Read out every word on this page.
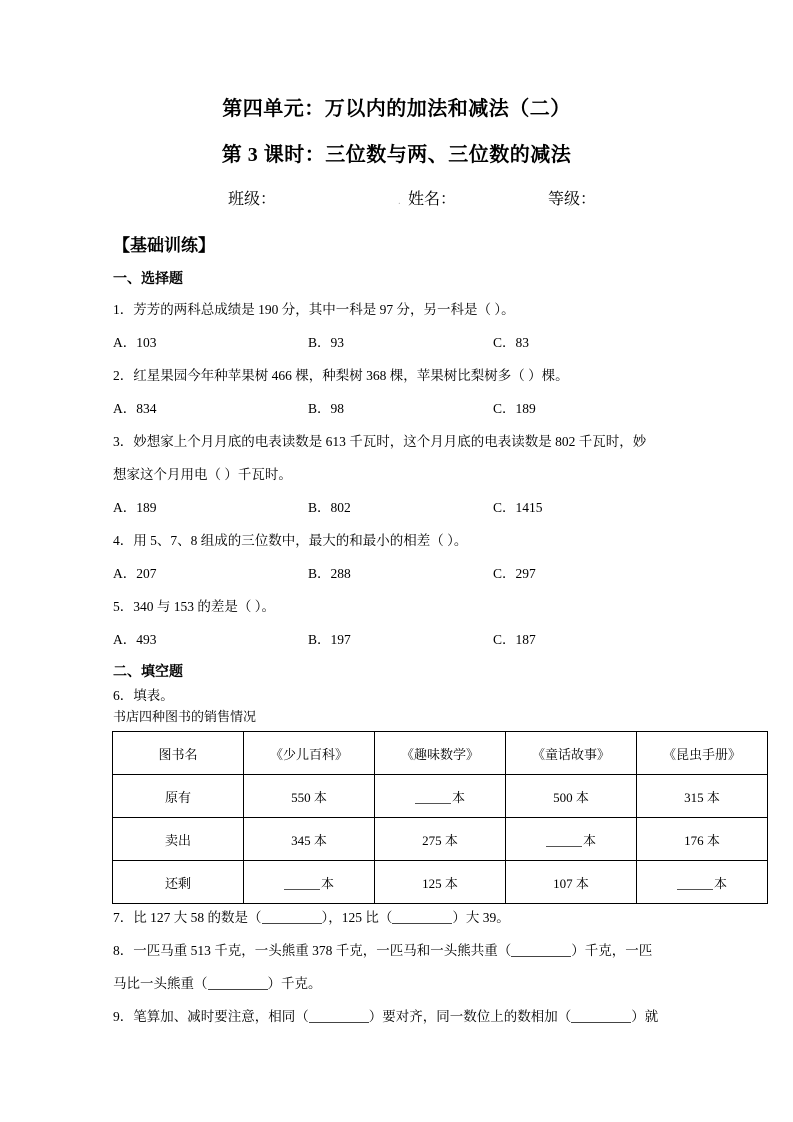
第四单元：万以内的加法和减法（二）
第 3 课时：三位数与两、三位数的减法
班级：	. 姓名：	等级：
【基础训练】
一、选择题
1．芳芳的两科总成绩是 190 分，其中一科是 97 分，另一科是（ ）。
A．103	B．93	C．83
2．红星果园今年种苹果树 466 棵，种梨树 368 棵，苹果树比梨树多（ ）棵。
A．834	B．98	C．189
3．妙想家上个月月底的电表读数是 613 千瓦时，这个月月底的电表读数是 802 千瓦时，妙
想家这个月用电（ ）千瓦时。
A．189	B．802	C．1415
4．用 5、7、8 组成的三位数中，最大的和最小的相差（ ）。
A．207	B．288	C．297
5．340 与 153 的差是（ ）。
A．493	B．197	C．187
二、填空题
6．填表。
书店四种图书的销售情况
图书名	《少儿百科》	《趣味数学》	《童话故事》	《昆虫手册》
原有	550 本	本	500 本	315 本
卖出	345 本	275 本	本	176 本
还剩	本	125 本	107 本	本
7．比 127 大 58 的数是（	），125 比（	）大 39。
8．一匹马重 513 千克，一头熊重 378 千克，一匹马和一头熊共重（	）千克，一匹
马比一头熊重（	）千克。
9．笔算加、减时要注意，相同（	）要对齐，同一数位上的数相加（	）就
